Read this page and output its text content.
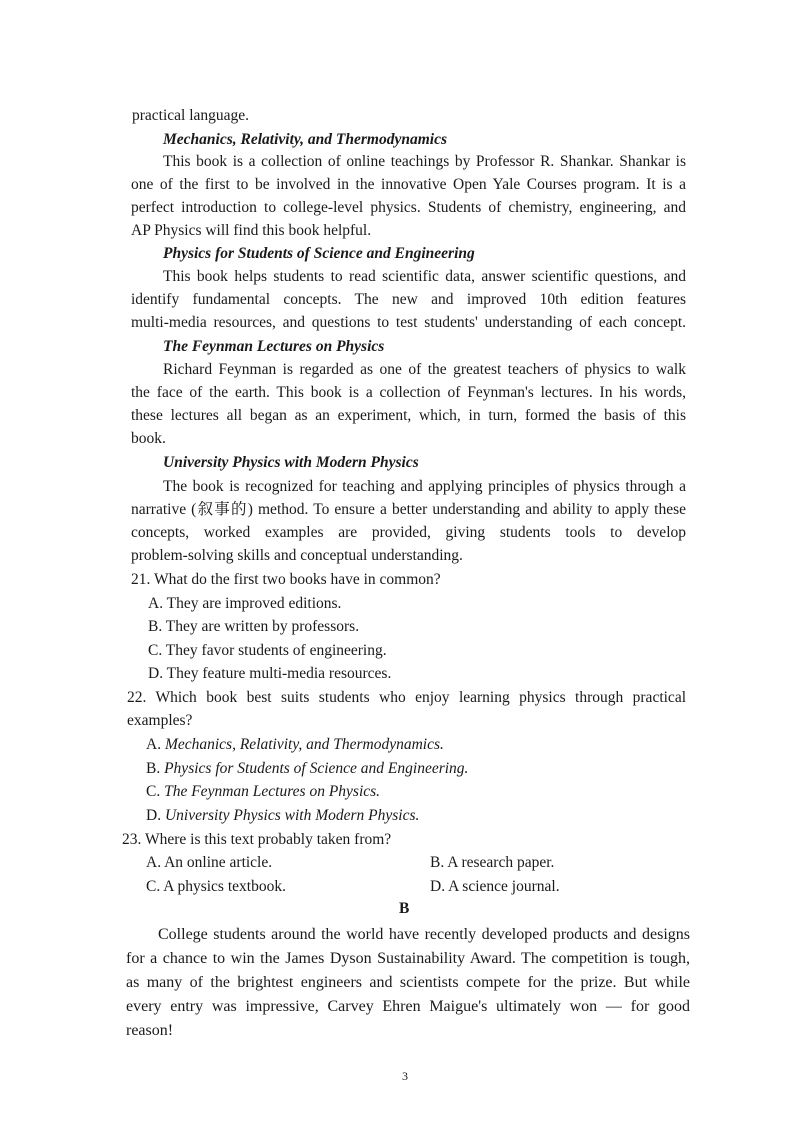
practical language.
Mechanics, Relativity, and Thermodynamics
This book is a collection of online teachings by Professor R. Shankar. Shankar is
one of the first to be involved in the innovative Open Yale Courses program. It is a
perfect introduction to college-level physics. Students of chemistry, engineering, and
AP Physics will find this book helpful.
Physics for Students of Science and Engineering
This book helps students to read scientific data, answer scientific questions, and
identify fundamental concepts. The new and improved 10th edition features
multi-media resources, and questions to test students' understanding of each concept.
The Feynman Lectures on Physics
Richard Feynman is regarded as one of the greatest teachers of physics to walk
the face of the earth. This book is a collection of Feynman's lectures. In his words,
these lectures all began as an experiment, which, in turn, formed the basis of this
book.
University Physics with Modern Physics
The book is recognized for teaching and applying principles of physics through a
narrative (叙事的) method. To ensure a better understanding and ability to apply these
concepts, worked examples are provided, giving students tools to develop
problem-solving skills and conceptual understanding.
21. What do the first two books have in common?
A. They are improved editions.
B. They are written by professors.
C. They favor students of engineering.
D. They feature multi-media resources.
22. Which book best suits students who enjoy learning physics through practical
examples?
A. Mechanics, Relativity, and Thermodynamics.
B. Physics for Students of Science and Engineering.
C. The Feynman Lectures on Physics.
D. University Physics with Modern Physics.
23. Where is this text probably taken from?
A. An online article.	B. A research paper.
C. A physics textbook.	D. A science journal.
B
College students around the world have recently developed products and designs
for a chance to win the James Dyson Sustainability Award. The competition is tough,
as many of the brightest engineers and scientists compete for the prize. But while
every entry was impressive, Carvey Ehren Maigue's ultimately won — for good
reason!
3
